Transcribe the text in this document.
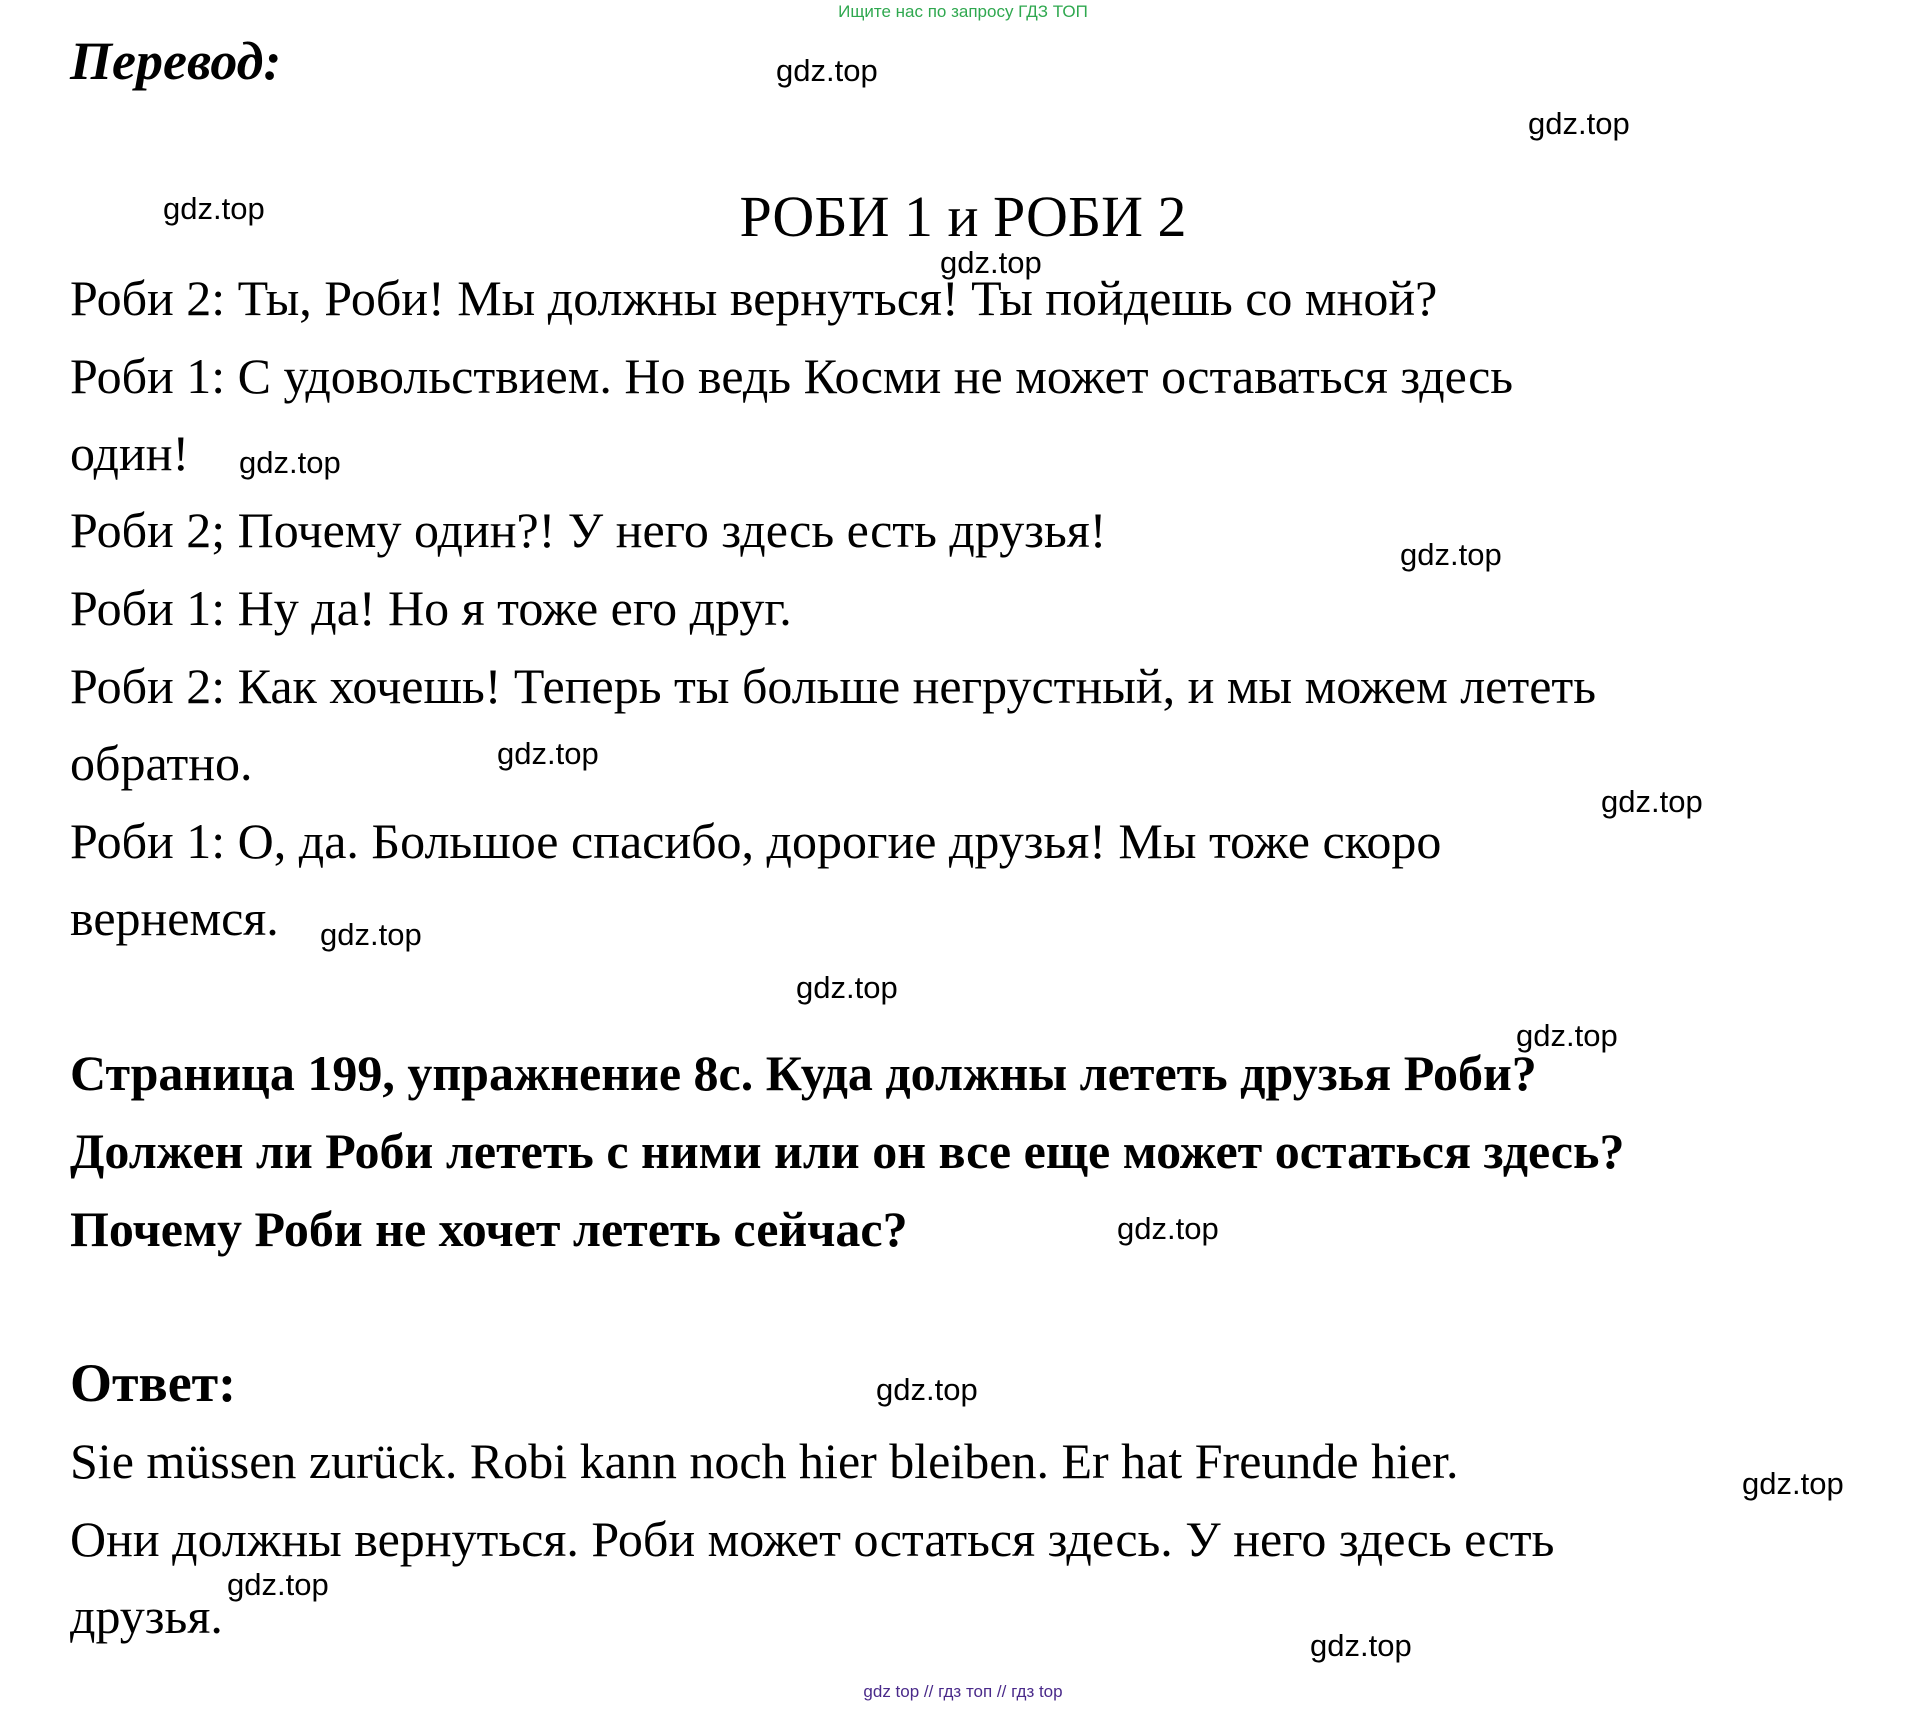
Ищите нас по запросу ГДЗ ТОП
Перевод:
РОБИ 1 и РОБИ 2
Роби 2: Ты, Роби! Мы должны вернуться! Ты пойдешь со мной?
Роби 1: С удовольствием. Но ведь Косми не может оставаться здесь
один!
Роби 2; Почему один?! У него здесь есть друзья!
Роби 1: Ну да! Но я тоже его друг.
Роби 2: Как хочешь! Теперь ты больше негрустный, и мы можем лететь
обратно.
Роби 1: О, да. Большое спасибо, дорогие друзья! Мы тоже скоро
вернемся.
Страница 199, упражнение 8с. Куда должны лететь друзья Роби?
Должен ли Роби лететь с ними или он все еще может остаться здесь?
Почему Роби не хочет лететь сейчас?
Ответ:
Sie müssen zurück. Robi kann noch hier bleiben. Er hat Freunde hier.
Они должны вернуться. Роби может остаться здесь. У него здесь есть
друзья.
gdz.top
gdz.top
gdz.top
gdz.top
gdz.top
gdz.top
gdz.top
gdz.top
gdz.top
gdz.top
gdz.top
gdz.top
gdz.top
gdz.top
gdz.top
gdz.top
gdz top // гдз топ // гдз top
